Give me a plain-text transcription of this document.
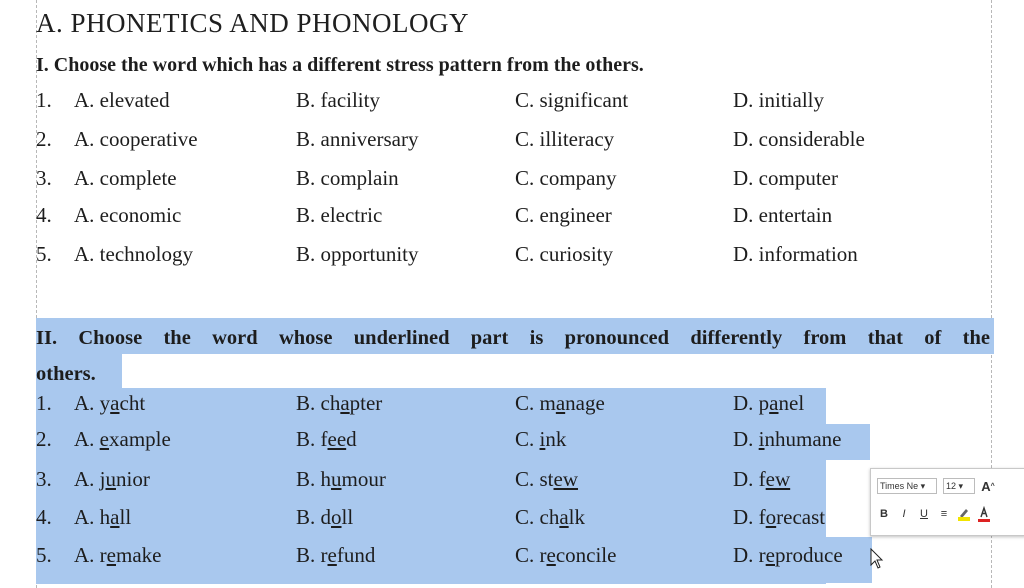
A. PHONETICS AND PHONOLOGY
I. Choose the word which has a different stress pattern from the others.
1. A. elevated	B. facility	C. significant	D. initially
2. A. cooperative	B. anniversary	C. illiteracy	D. considerable
3. A. complete	B. complain	C. company	D. computer
4. A. economic	B. electric	C. engineer	D. entertain
5. A. technology	B. opportunity	C. curiosity	D. information
II. Choose the word whose underlined part is pronounced differently from that of the
others.
1. A. yacht	B. chapter	C. manage	D. panel
2. A. example	B. feed	C. ink	D. inhumane
3. A. junior	B. humour	C. stew	D. few
4. A. hall	B. doll	C. chalk	D. forecast
5. A. remake	B. refund	C. reconcile	D. reproduce
Times Ne ▾	12 ▾	A ^
B	I	U	≡
